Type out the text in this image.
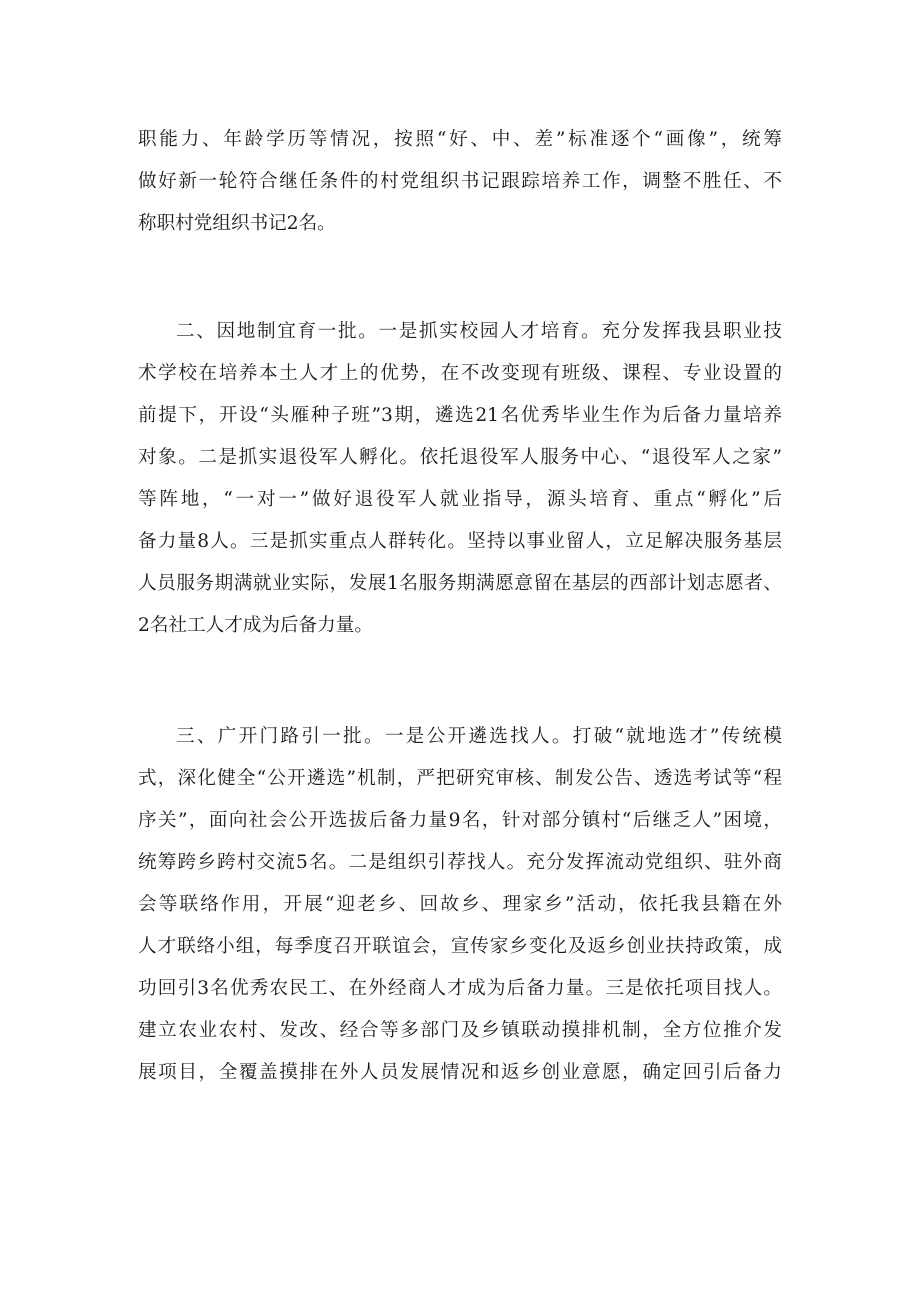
职能力、年龄学历等情况，按照“好、中、差”标准逐个“画像”，统筹
做好新一轮符合继任条件的村党组织书记跟踪培养工作，调整不胜任、不
称职村党组织书记2名。
二、因地制宜育一批。一是抓实校园人才培育。充分发挥我县职业技
术学校在培养本土人才上的优势，在不改变现有班级、课程、专业设置的
前提下，开设“头雁种子班”3期，遴选21名优秀毕业生作为后备力量培养
对象。二是抓实退役军人孵化。依托退役军人服务中心、“退役军人之家”
等阵地，“一对一”做好退役军人就业指导，源头培育、重点“孵化”后
备力量8人。三是抓实重点人群转化。坚持以事业留人，立足解决服务基层
人员服务期满就业实际，发展1名服务期满愿意留在基层的西部计划志愿者、
2名社工人才成为后备力量。
三、广开门路引一批。一是公开遴选找人。打破“就地选才”传统模
式，深化健全“公开遴选”机制，严把研究审核、制发公告、透选考试等“程
序关”，面向社会公开选拔后备力量9名，针对部分镇村“后继乏人”困境，
统筹跨乡跨村交流5名。二是组织引荐找人。充分发挥流动党组织、驻外商
会等联络作用，开展“迎老乡、回故乡、理家乡”活动，依托我县籍在外
人才联络小组，每季度召开联谊会，宣传家乡变化及返乡创业扶持政策，成
功回引3名优秀农民工、在外经商人才成为后备力量。三是依托项目找人。
建立农业农村、发改、经合等多部门及乡镇联动摸排机制，全方位推介发
展项目，全覆盖摸排在外人员发展情况和返乡创业意愿，确定回引后备力
